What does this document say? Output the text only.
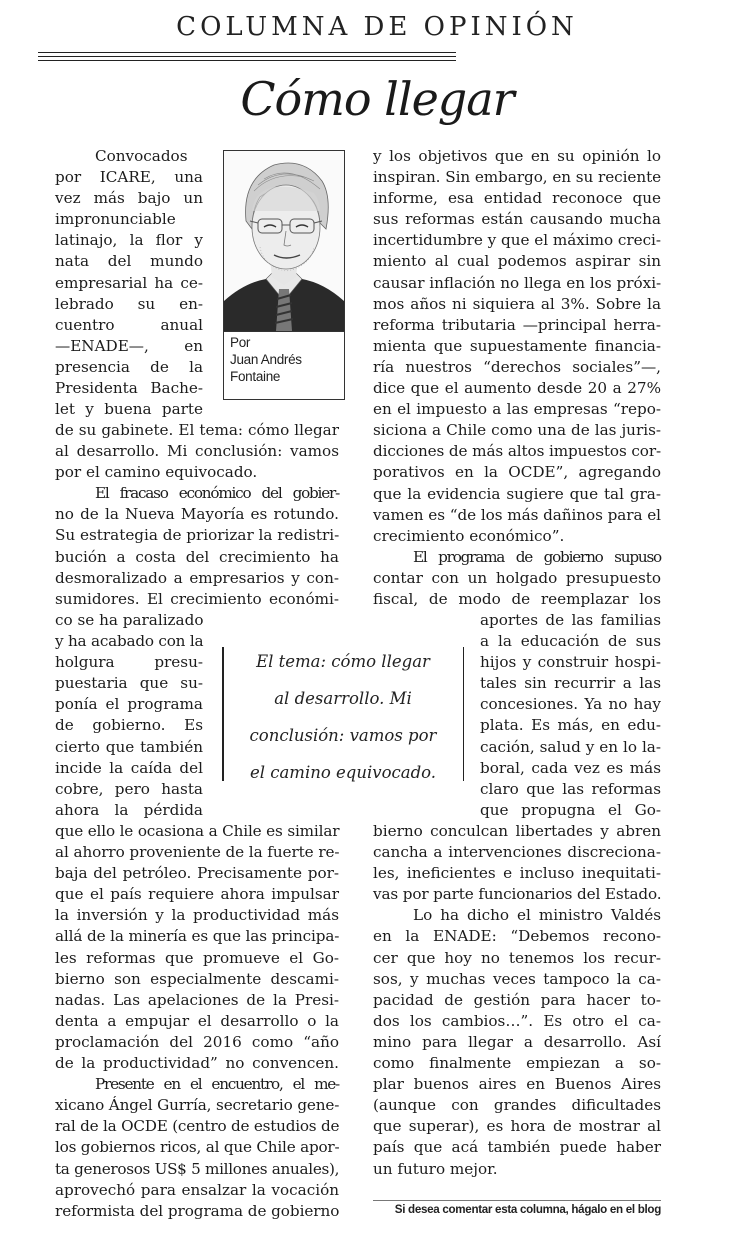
COLUMNA DE OPINIÓN
Cómo llegar
Convocados
por ICARE, una
vez más bajo un
impronunciable
latinajo, la flor y
nata del mundo
empresarial ha ce-
lebrado su en-
cuentro anual
—ENADE—, en
presencia de la
Presidenta Bache-
let y buena parte
de su gabinete. El tema: cómo llegar
al desarrollo. Mi conclusión: vamos
por el camino equivocado.
El fracaso económico del gobier-
no de la Nueva Mayoría es rotundo.
Su estrategia de priorizar la redistri-
bución a costa del crecimiento ha
desmoralizado a empresarios y con-
sumidores. El crecimiento económi-
co se ha paralizado
y ha acabado con la
holgura presu-
puestaria que su-
ponía el programa
de gobierno. Es
cierto que también
incide la caída del
cobre, pero hasta
ahora la pérdida
que ello le ocasiona a Chile es similar
al ahorro proveniente de la fuerte re-
baja del petróleo. Precisamente por-
que el país requiere ahora impulsar
la inversión y la productividad más
allá de la minería es que las principa-
les reformas que promueve el Go-
bierno son especialmente descami-
nadas. Las apelaciones de la Presi-
denta a empujar el desarrollo o la
proclamación del 2016 como “año
de la productividad” no convencen.
Presente en el encuentro, el me-
xicano Ángel Gurría, secretario gene-
ral de la OCDE (centro de estudios de
los gobiernos ricos, al que Chile apor-
ta generosos US$ 5 millones anuales),
aprovechó para ensalzar la vocación
reformista del programa de gobierno
y los objetivos que en su opinión lo
inspiran. Sin embargo, en su reciente
informe, esa entidad reconoce que
sus reformas están causando mucha
incertidumbre y que el máximo creci-
miento al cual podemos aspirar sin
causar inflación no llega en los próxi-
mos años ni siquiera al 3%. Sobre la
reforma tributaria —principal herra-
mienta que supuestamente financia-
ría nuestros “derechos sociales”—,
dice que el aumento desde 20 a 27%
en el impuesto a las empresas “repo-
siciona a Chile como una de las juris-
dicciones de más altos impuestos cor-
porativos en la OCDE”, agregando
que la evidencia sugiere que tal gra-
vamen es “de los más dañinos para el
crecimiento económico”.
El programa de gobierno supuso
contar con un holgado presupuesto
fiscal, de modo de reemplazar los
aportes de las familias
a la educación de sus
hijos y construir hospi-
tales sin recurrir a las
concesiones. Ya no hay
plata. Es más, en edu-
cación, salud y en lo la-
boral, cada vez es más
claro que las reformas
que propugna el Go-
bierno conculcan libertades y abren
cancha a intervenciones discreciona-
les, ineficientes e incluso inequitati-
vas por parte funcionarios del Estado.
Lo ha dicho el ministro Valdés
en la ENADE: “Debemos recono-
cer que hoy no tenemos los recur-
sos, y muchas veces tampoco la ca-
pacidad de gestión para hacer to-
dos los cambios…”. Es otro el ca-
mino para llegar a desarrollo. Así
como finalmente empiezan a so-
plar buenos aires en Buenos Aires
(aunque con grandes dificultades
que superar), es hora de mostrar al
país que acá también puede haber
un futuro mejor.
Por
Juan Andrés
Fontaine
El tema: cómo llegar
al desarrollo. Mi
conclusión: vamos por
el camino equivocado.
Si desea comentar esta columna, hágalo en el blog
